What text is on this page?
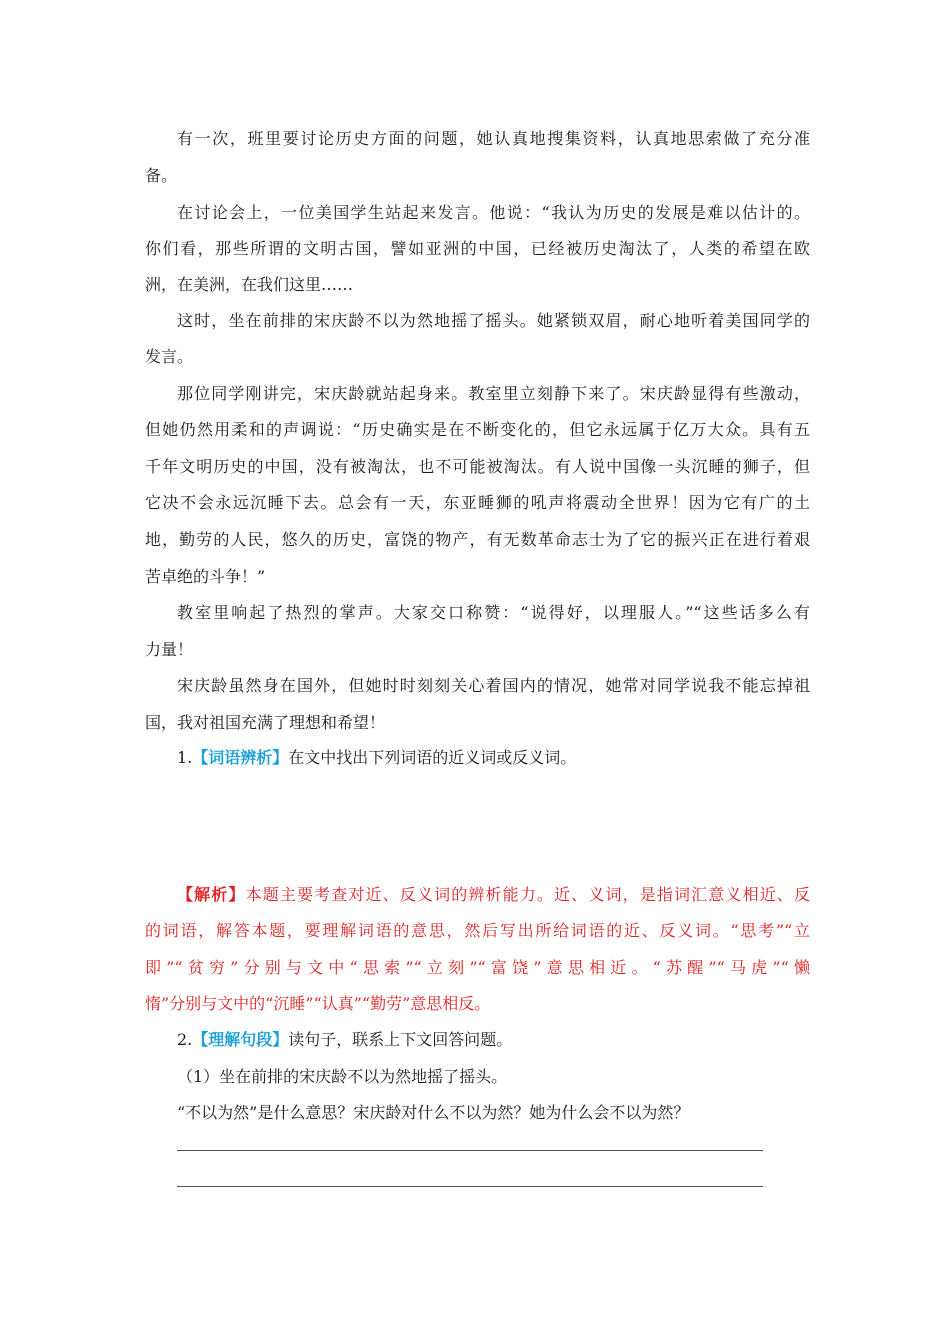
有一次，班里要讨论历史方面的问题，她认真地搜集资料，认真地思索做了充分准
备。
在讨论会上，一位美国学生站起来发言。他说：“我认为历史的发展是难以估计的。
你们看，那些所谓的文明古国，譬如亚洲的中国，已经被历史淘汰了，人类的希望在欧
洲，在美洲，在我们这里……
这时，坐在前排的宋庆龄不以为然地摇了摇头。她紧锁双眉，耐心地听着美国同学的
发言。
那位同学刚讲完，宋庆龄就站起身来。教室里立刻静下来了。宋庆龄显得有些激动，
但她仍然用柔和的声调说：“历史确实是在不断变化的，但它永远属于亿万大众。具有五
千年文明历史的中国，没有被淘汰，也不可能被淘汰。有人说中国像一头沉睡的狮子，但
它决不会永远沉睡下去。总会有一天，东亚睡狮的吼声将震动全世界！因为它有广的土
地，勤劳的人民，悠久的历史，富饶的物产，有无数革命志士为了它的振兴正在进行着艰
苦卓绝的斗争！”
教室里响起了热烈的掌声。大家交口称赞：“说得好，以理服人。”“这些话多么有
力量！
宋庆龄虽然身在国外，但她时时刻刻关心着国内的情况，她常对同学说我不能忘掉祖
国，我对祖国充满了理想和希望！
1.【词语辨析】在文中找出下列词语的近义词或反义词。
【解析】本题主要考查对近、反义词的辨析能力。近、义词，是指词汇意义相近、反
的词语，解答本题，要理解词语的意思，然后写出所给词语的近、反义词。“思考”“立
即”“贫穷”分别与文中“思索”“立刻”“富饶”意思相近。“苏醒”“马虎”“懒
惰”分别与文中的“沉睡”“认真”“勤劳”意思相反。
2.【理解句段】读句子，联系上下文回答问题。
（1）坐在前排的宋庆龄不以为然地摇了摇头。
“不以为然”是什么意思？宋庆龄对什么不以为然？她为什么会不以为然？
